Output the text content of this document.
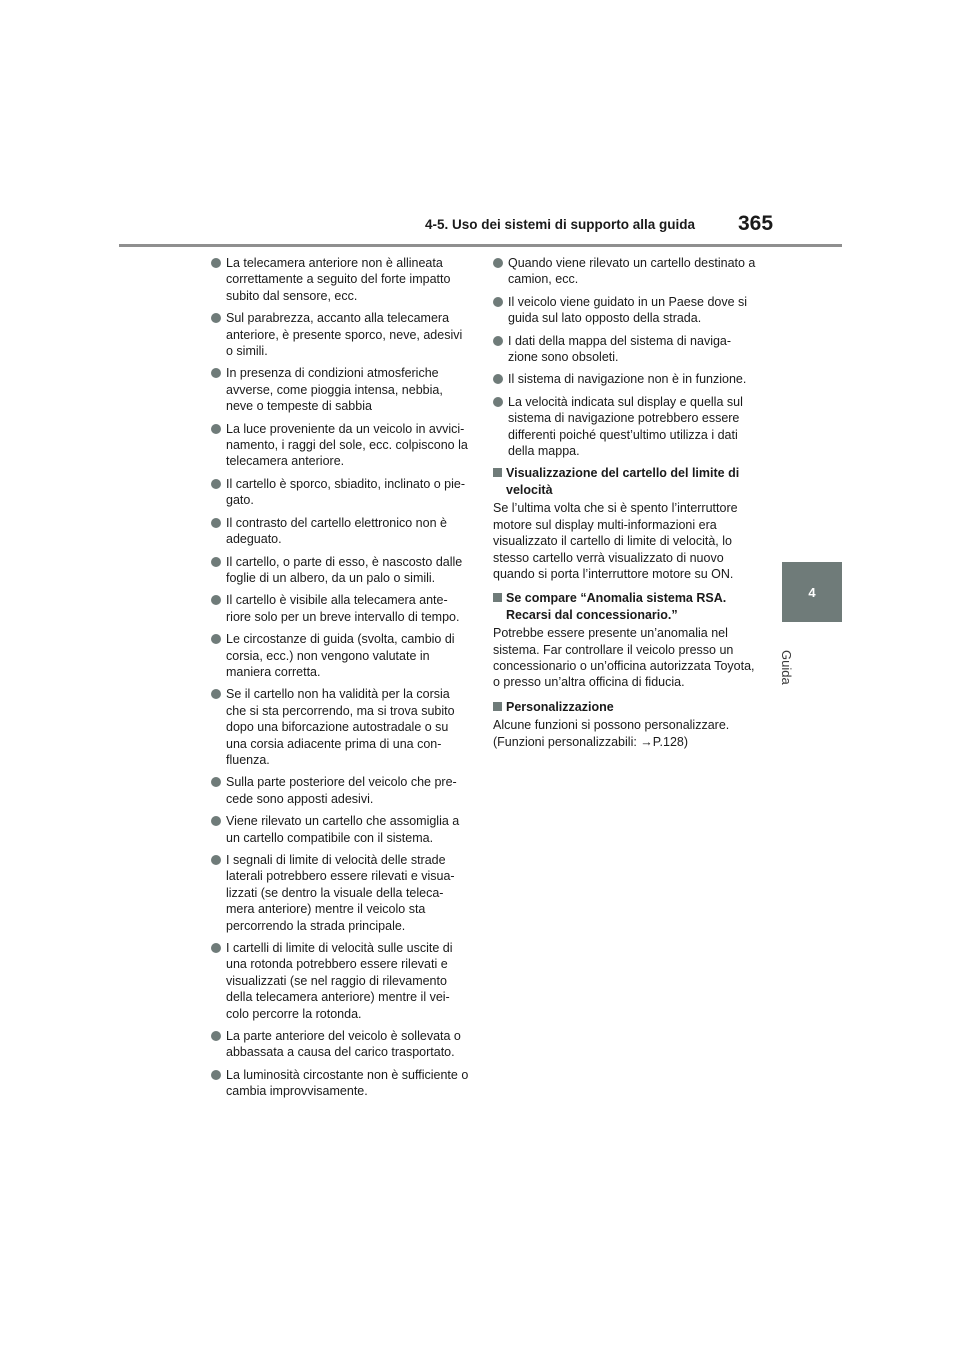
4-5. Uso dei sistemi di supporto alla guida 365
4
Guida
La telecamera anteriore non è allineata correttamente a seguito del forte impatto subito dal sensore, ecc.
Sul parabrezza, accanto alla telecamera anteriore, è presente sporco, neve, adesivi o simili.
In presenza di condizioni atmosferiche avverse, come pioggia intensa, nebbia, neve o tempeste di sabbia
La luce proveniente da un veicolo in avvici-namento, i raggi del sole, ecc. colpiscono la telecamera anteriore.
Il cartello è sporco, sbiadito, inclinato o pie-gato.
Il contrasto del cartello elettronico non è adeguato.
Il cartello, o parte di esso, è nascosto dalle foglie di un albero, da un palo o simili.
Il cartello è visibile alla telecamera ante-riore solo per un breve intervallo di tempo.
Le circostanze di guida (svolta, cambio di corsia, ecc.) non vengono valutate in maniera corretta.
Se il cartello non ha validità per la corsia che si sta percorrendo, ma si trova subito dopo una biforcazione autostradale o su una corsia adiacente prima di una con-fluenza.
Sulla parte posteriore del veicolo che pre-cede sono apposti adesivi.
Viene rilevato un cartello che assomiglia a un cartello compatibile con il sistema.
I segnali di limite di velocità delle strade laterali potrebbero essere rilevati e visua-lizzati (se dentro la visuale della teleca-mera anteriore) mentre il veicolo sta percorrendo la strada principale.
I cartelli di limite di velocità sulle uscite di una rotonda potrebbero essere rilevati e visualizzati (se nel raggio di rilevamento della telecamera anteriore) mentre il vei-colo percorre la rotonda.
La parte anteriore del veicolo è sollevata o abbassata a causa del carico trasportato.
La luminosità circostante non è sufficiente o cambia improvvisamente.
Quando viene rilevato un cartello destinato a camion, ecc.
Il veicolo viene guidato in un Paese dove si guida sul lato opposto della strada.
I dati della mappa del sistema di naviga-zione sono obsoleti.
Il sistema di navigazione non è in funzione.
La velocità indicata sul display e quella sul sistema di navigazione potrebbero essere differenti poiché quest’ultimo utilizza i dati della mappa.
Visualizzazione del cartello del limite di velocità

Se l’ultima volta che si è spento l’interruttore motore sul display multi-informazioni era visualizzato il cartello di limite di velocità, lo stesso cartello verrà visualizzato di nuovo quando si porta l’interruttore motore su ON.

Se compare “Anomalia sistema RSA. Recarsi dal concessionario.”

Potrebbe essere presente un’anomalia nel sistema. Far controllare il veicolo presso un concessionario o un’officina autorizzata Toyota, o presso un’altra officina di fiducia.

Personalizzazione

Alcune funzioni si possono personalizzare. (Funzioni personalizzabili: →P.128)
